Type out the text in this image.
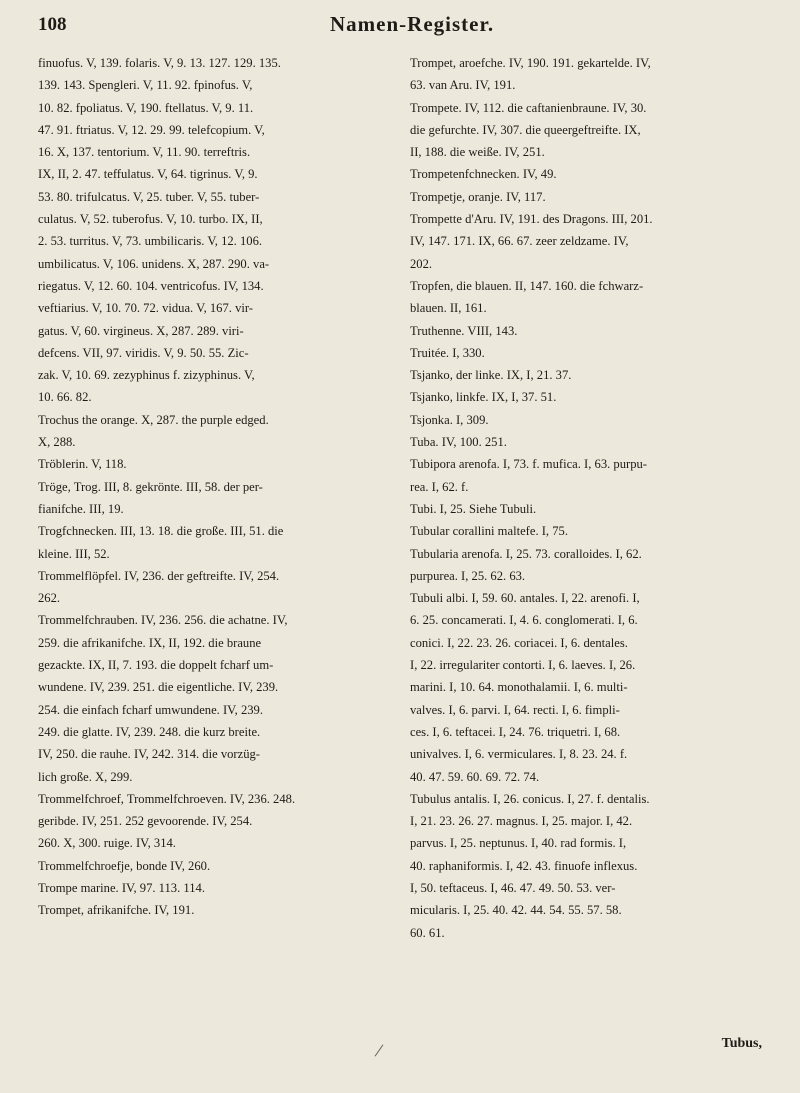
108	Namen-Register.
finuofus. V, 139. folaris. V, 9. 13. 127. 129. 135.
139. 143. Spengleri. V, 11. 92. fpinofus. V,
10. 82. fpoliatus. V, 190. ftellatus. V, 9. 11.
47. 91. ftriatus. V, 12. 29. 99. telefcopium. V,
16. X, 137. tentorium. V, 11. 90. terreftris.
IX, II, 2. 47. teffulatus. V, 64. tigrinus. V, 9.
53. 80. trifulcatus. V, 25. tuber. V, 55. tuber-
culatus. V, 52. tuberofus. V, 10. turbo. IX, II,
2. 53. turritus. V, 73. umbilicaris. V, 12. 106.
umbilicatus. V, 106. unidens. X, 287. 290. va-
riegatus. V, 12. 60. 104. ventricofus. IV, 134.
veftiarius. V, 10. 70. 72. vidua. V, 167. vir-
gatus. V, 60. virgineus. X, 287. 289. viri-
defcens. VII, 97. viridis. V, 9. 50. 55. Zic-
zak. V, 10. 69. zezyphinus f. zizyphinus. V,
10. 66. 82.
Trochus the orange. X, 287. the purple edged.
X, 288.
Tröblerin. V, 118.
Tröge, Trog. III, 8. gekrönte. III, 58. der per-
fianifche. III, 19.
Trogfchnecken. III, 13. 18. die große. III, 51. die
kleine. III, 52.
Trommelflöpfel. IV, 236. der geftreifte. IV, 254.
262.
Trommelfchrauben. IV, 236. 256. die achatne. IV,
259. die afrikanifche. IX, II, 192. die braune
gezackte. IX, II, 7. 193. die doppelt fcharf um-
wundene. IV, 239. 251. die eigentliche. IV, 239.
254. die einfach fcharf umwundene. IV, 239.
249. die glatte. IV, 239. 248. die kurz breite.
IV, 250. die rauhe. IV, 242. 314. die vorzüg-
lich große. X, 299.
Trommelfchroef, Trommelfchroeven. IV, 236. 248.
geribde. IV, 251. 252 gevoorende. IV, 254.
260. X, 300. ruige. IV, 314.
Trommelfchroefje, bonde IV, 260.
Trompe marine. IV, 97. 113. 114.
Trompet, afrikanifche. IV, 191.
Trompet, aroefche. IV, 190. 191. gekartelde. IV,
63. van Aru. IV, 191.
Trompete. IV, 112. die caftanienbraune. IV, 30.
die gefurchte. IV, 307. die queergeftreifte. IX,
II, 188. die weiße. IV, 251.
Trompetenfchnecken. IV, 49.
Trompetje, oranje. IV, 117.
Trompette d'Aru. IV, 191. des Dragons. III, 201.
IV, 147. 171. IX, 66. 67. zeer zeldzame. IV,
202.
Tropfen, die blauen. II, 147. 160. die fchwarz-
blauen. II, 161.
Truthenne. VIII, 143.
Truitée. I, 330.
Tsjanko, der linke. IX, I, 21. 37.
Tsjanko, linkfe. IX, I, 37. 51.
Tsjonka. I, 309.
Tuba. IV, 100. 251.
Tubipora arenofa. I, 73. f. mufica. I, 63. purpu-
rea. I, 62. f.
Tubi. I, 25. Siehe Tubuli.
Tubular corallini maltefe. I, 75.
Tubularia arenofa. I, 25. 73. coralloides. I, 62.
purpurea. I, 25. 62. 63.
Tubuli albi. I, 59. 60. antales. I, 22. arenofi. I,
6. 25. concamerati. I, 4. 6. conglomerati. I, 6.
conici. I, 22. 23. 26. coriacei. I, 6. dentales.
I, 22. irregulariter contorti. I, 6. laeves. I, 26.
marini. I, 10. 64. monothalamii. I, 6. multi-
valves. I, 6. parvi. I, 64. recti. I, 6. fimpli-
ces. I, 6. teftacei. I, 24. 76. triquetri. I, 68.
univalves. I, 6. vermiculares. I, 8. 23. 24. f.
40. 47. 59. 60. 69. 72. 74.
Tubulus antalis. I, 26. conicus. I, 27. f. dentalis.
I, 21. 23. 26. 27. magnus. I, 25. major. I, 42.
parvus. I, 25. neptunus. I, 40. rad formis. I,
40. raphaniformis. I, 42. 43. finuofe inflexus.
I, 50. teftaceus. I, 46. 47. 49. 50. 53. ver-
micularis. I, 25. 40. 42. 44. 54. 55. 57. 58.
60. 61.
Tubus,
